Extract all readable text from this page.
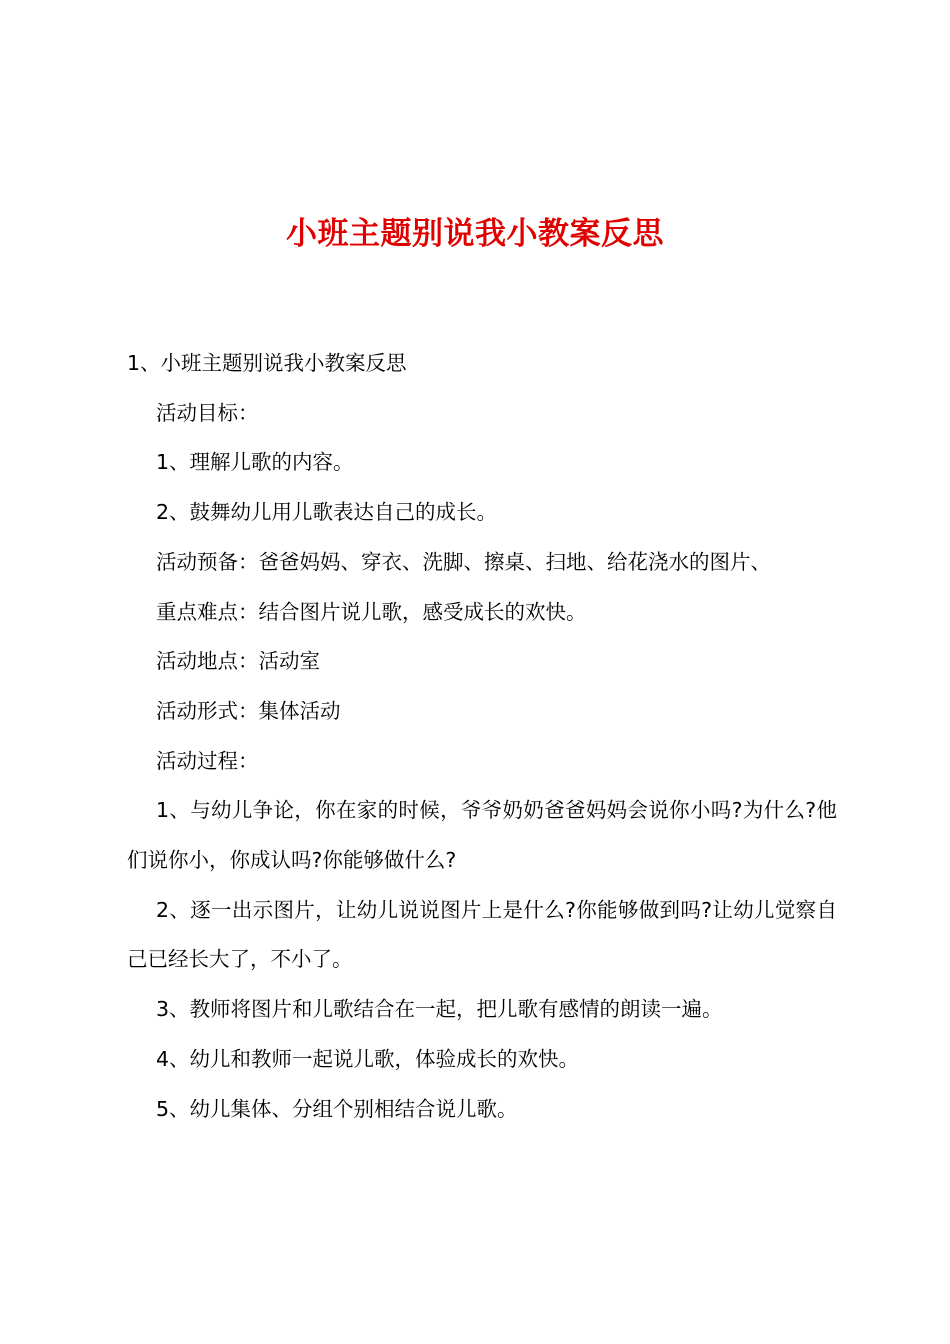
小班主题别说我小教案反思

1、小班主题别说我小教案反思

活动目标：

1、理解儿歌的内容。

2、鼓舞幼儿用儿歌表达自己的成长。

活动预备：爸爸妈妈、穿衣、洗脚、擦桌、扫地、给花浇水的图片、

重点难点：结合图片说儿歌，感受成长的欢快。

活动地点：活动室

活动形式：集体活动

活动过程：

1、与幼儿争论，你在家的时候，爷爷奶奶爸爸妈妈会说你小吗?为什么?他们说你小，你成认吗?你能够做什么?

2、逐一出示图片，让幼儿说说图片上是什么?你能够做到吗?让幼儿觉察自己已经长大了，不小了。

3、教师将图片和儿歌结合在一起，把儿歌有感情的朗读一遍。

4、幼儿和教师一起说儿歌，体验成长的欢快。

5、幼儿集体、分组个别相结合说儿歌。
